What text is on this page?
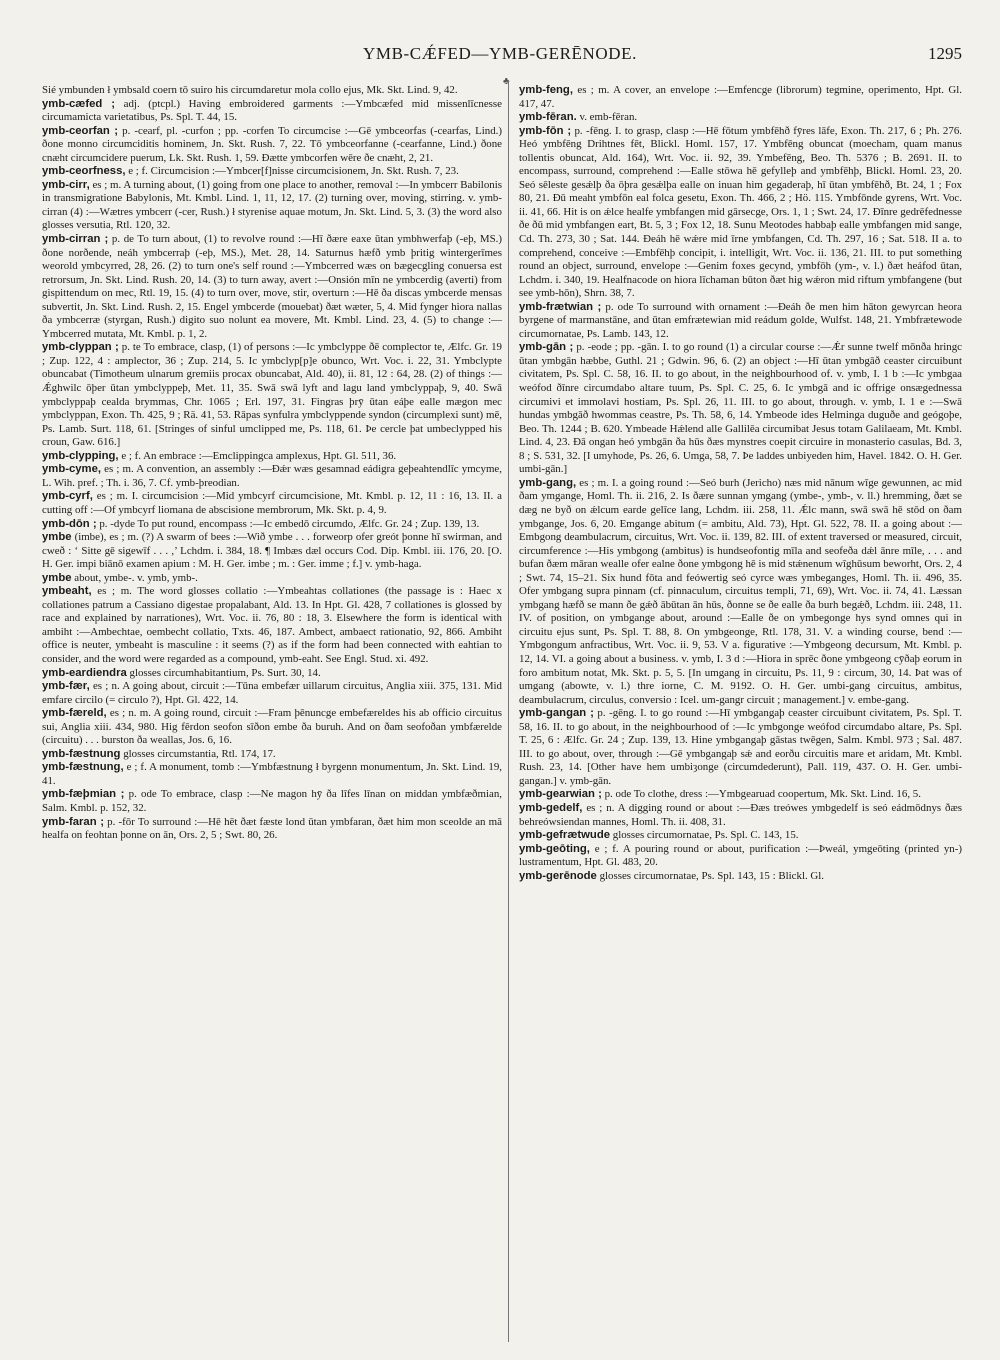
YMB-CǼFED—YMB-GERĒNODE.	1295
♣

Sié ymbunden ł ymbsald coern tō suiro his circumdaretur mola collo ejus, Mk. Skt. Lind. 9, 42.

ymb-cæfed ; adj. (ptcpl.) Having embroidered garments :—Ymbcæfed mid missenlīcnesse circumamicta varietatibus, Ps. Spl. T. 44, 15.

ymb-ceorfan ; p. -cearf, pl. -curfon ; pp. -corfen To circumcise :—Gē ymbceorfas (-cearfas, Lind.) ðone monno circumciditis hominem, Jn. Skt. Rush. 7, 22. Tō ymbceorfanne (-cearfanne, Lind.) ðone cnæht circumcidere puerum, Lk. Skt. Rush. 1, 59. Ðætte ymbcorfen wēre ðe cnæht, 2, 21.

ymb-ceorfness, e ; f. Circumcision :—Ymbcer[f]nisse circumcisionem, Jn. Skt. Rush. 7, 23.

ymb-cirr, es ; m. A turning about, (1) going from one place to another, removal :—In ymbcerr Babilonis in transmigratione Babylonis, Mt. Kmbl. Lind. 1, 11, 12, 17. (2) turning over, moving, stirring. v. ymb-cirran (4) :—Wætres ymbcerr (-cer, Rush.) ł styrenise aquae motum, Jn. Skt. Lind. 5, 3. (3) the word also glosses versutia, Rtl. 120, 32.

ymb-cirran ; p. de To turn about, (1) to revolve round :—Hī ðære eaxe ūtan ymbhwerfaþ (-eþ, MS.) ðone norðende, neáh ymbcerraþ (-eþ, MS.), Met. 28, 14. Saturnus hæfð ymb þritig wintergerīmes weorold ymbcyrred, 28, 26. (2) to turn one's self round :—Ymbcerred wæs on bægecgling conuersa est retrorsum, Jn. Skt. Lind. Rush. 20, 14. (3) to turn away, avert :—Onsión mīn ne ymbcerdig (averti) from gispittendum on mec, Rtl. 19, 15. (4) to turn over, move, stir, overturn :—Hē ða discas ymbcerde mensas subvertit, Jn. Skt. Lind. Rush. 2, 15. Engel ymbcerde (mouebat) ðæt wæter, 5, 4. Mid fynger hiora nallas ða ymbcerræ (styrgan, Rush.) digito suo nolunt ea movere, Mt. Kmbl. Lind. 23, 4. (5) to change :—Ymbcerred mutata, Mt. Kmbl. p. 1, 2.

ymb-clyppan ; p. te To embrace, clasp, (1) of persons :—Ic ymbclyppe ðē complector te, Ælfc. Gr. 19 ; Zup. 122, 4 : amplector, 36 ; Zup. 214, 5. Ic ymbclyp[p]e obunco, Wrt. Voc. i. 22, 31. Ymbclypte obuncabat (Timotheum ulnarum gremiis procax obuncabat, Ald. 40), ii. 81, 12 : 64, 28. (2) of things :—Ǽghwilc ōþer ūtan ymbclyppeþ, Met. 11, 35. Swā swā lyft and lagu land ymbclyppaþ, 9, 40. Swā ymbclyppaþ cealda brymmas, Chr. 1065 ; Erl. 197, 31. Fingras þrȳ ūtan eáþe ealle mægon mec ymbclyppan, Exon. Th. 425, 9 ; Rä. 41, 53. Rāpas synfulra ymbclyppende syndon (circumplexi sunt) mē, Ps. Lamb. Surt. 118, 61. [Stringes of sinful umclipped me, Ps. 118, 61. Þe cercle þat umbeclypped his croun, Gaw. 616.]

ymb-clypping, e ; f. An embrace :—Emclippingca amplexus, Hpt. Gl. 511, 36.

ymb-cyme, es ; m. A convention, an assembly :—Ðǽr wæs gesamnad eádigra geþeahtendlīc ymcyme, L. Wih. pref. ; Th. i. 36, 7. Cf. ymb-þreodian.

ymb-cyrf, es ; m. I. circumcision :—Mid ymbcyrf circumcisione, Mt. Kmbl. p. 12, 11 : 16, 13. II. a cutting off :—Of ymbcyrf liomana de abscisione membrorum, Mk. Skt. p. 4, 9.

ymb-dōn ; p. -dyde To put round, encompass :—Ic embedō circumdo, Ælfc. Gr. 24 ; Zup. 139, 13.

ymbe (imbe), es ; m. (?) A swarm of bees :—Wið ymbe . . . forweorp ofer greót þonne hī swirman, and cweð : ‘ Sitte gē sigewīf . . . ,’ Lchdm. i. 384, 18. ¶ Imbæs dæl occurs Cod. Dip. Kmbl. iii. 176, 20. [O. H. Ger. impi biānō examen apium : M. H. Ger. imbe ; m. : Ger. imme ; f.] v. ymb-haga.

ymbe about, ymbe-. v. ymb, ymb-.

ymbeaht, es ; m. The word glosses collatio :—Ymbeahtas collationes (the passage is : Haec x collationes patrum a Cassiano digestae propalabant, Ald. 13. In Hpt. Gl. 428, 7 collationes is glossed by race and explained by narrationes), Wrt. Voc. ii. 76, 80 : 18, 3. Elsewhere the form is identical with ambiht :—Ambechtae, oembecht collatio, Txts. 46, 187. Ambect, ambaect rationatio, 92, 866. Ambiht office is neuter, ymbeaht is masculine : it seems (?) as if the form had been connected with eahtian to consider, and the word were regarded as a compound, ymb-eaht. See Engl. Stud. xi. 492.

ymb-eardiendra glosses circumhabitantium, Ps. Surt. 30, 14.

ymb-fær, es ; n. A going about, circuit :—Tūna embefær uillarum circuitus, Anglia xiii. 375, 131. Mid emfare circilo (= circulo ?), Hpt. Gl. 422, 14.

ymb-færeld, es ; n. m. A going round, circuit :—Fram þēnuncge embefæreldes his ab officio circuitus sui, Anglia xiii. 434, 980. Hig fērdon seofon sīðon embe ða buruh. And on ðam seofoðan ymbfærelde (circuitu) . . . burston ða weallas, Jos. 6, 16.

ymb-fæstnung glosses circumstantia, Rtl. 174, 17.

ymb-fæstnung, e ; f. A monument, tomb :—Ymbfæstnung ł byrgenn monumentum, Jn. Skt. Lind. 19, 41.

ymb-fæþmian ; p. ode To embrace, clasp :—Ne magon hȳ ða līfes līnan on middan ymbfæðmian, Salm. Kmbl. p. 152, 32.

ymb-faran ; p. -fōr To surround :—Hē hēt ðæt fæste lond ūtan ymbfaran, ðæt him mon sceolde an mā healfa on feohtan þonne on ān, Ors. 2, 5 ; Swt. 80, 26.

ymb-feng, es ; m. A cover, an envelope :—Emfencge (librorum) tegmine, operimento, Hpt. Gl. 417, 47.

ymb-fēran. v. emb-fēran.

ymb-fōn ; p. -fēng. I. to grasp, clasp :—Hē fōtum ymbfēhð fȳres lāfe, Exon. Th. 217, 6 ; Ph. 276. Heó ymbfēng Drihtnes fēt, Blickl. Homl. 157, 17. Ymbfēng obuncat (moecham, quam manus tollentis obuncat, Ald. 164), Wrt. Voc. ii. 92, 39. Ymbefēng, Beo. Th. 5376 ; B. 2691. II. to encompass, surround, comprehend :—Ealle stōwa hē gefylleþ and ymbfēhþ, Blickl. Homl. 23, 20. Seó sēleste gesǽlþ ða ōþra gesǽlþa ealle on inuan him gegaderaþ, hī ūtan ymbfēhð, Bt. 24, 1 ; Fox 80, 21. Ðū meaht ymbfōn eal folca gesetu, Exon. Th. 466, 2 ; Hö. 115. Ymbfōnde gyrens, Wrt. Voc. ii. 41, 66. Hit is on ǽlce healfe ymbfangen mid gārsecge, Ors. 1, 1 ; Swt. 24, 17. Ðīnre gedrēfednesse ðe ðū mid ymbfangen eart, Bt. 5, 3 ; Fox 12, 18. Sunu Meotodes habbaþ ealle ymbfangen mid sange, Cd. Th. 273, 30 ; Sat. 144. Ðeáh hē wǽre mid īrne ymbfangen, Cd. Th. 297, 16 ; Sat. 518. II a. to comprehend, conceive :—Embfēhþ concipit, i. intelligit, Wrt. Voc. ii. 136, 21. III. to put something round an object, surround, envelope :—Genim foxes gecynd, ymbfōh (ym-, v. l.) ðæt heáfod ūtan, Lchdm. i. 340, 19. Healfnacode on hiora līchaman būton ðæt hig wǽron mid riftum ymbfangene (but see ymb-hōn), Shrn. 38, 7.

ymb-frætwian ; p. ode To surround with ornament :—Ðeáh ðe men him hāton gewyrcan heora byrgene of marmanstāne, and ūtan emfrætewian mid reádum golde, Wulfst. 148, 21. Ymbfrætewode circumornatae, Ps. Lamb. 143, 12.

ymb-gān ; p. -eode ; pp. -gān. I. to go round (1) a circular course :—Ǽr sunne twelf mōnða hringc ūtan ymbgān hæbbe, Guthl. 21 ; Gdwin. 96, 6. (2) an object :—Hī ūtan ymbgāð ceaster circuibunt civitatem, Ps. Spl. C. 58, 16. II. to go about, in the neighbourhood of. v. ymb, I. 1 b :—Ic ymbgaa weófod ðīnre circumdabo altare tuum, Ps. Spl. C. 25, 6. Ic ymbgā and ic offrige onsægednessa circumivi et immolavi hostiam, Ps. Spl. 26, 11. III. to go about, through. v. ymb, I. 1 e :—Swā hundas ymbgāð hwommas ceastre, Ps. Th. 58, 6, 14. Ymbeode ides Helminga duguðe and geógoþe, Beo. Th. 1244 ; B. 620. Ymbeade Hǽlend alle Gallilēa circumibat Jesus totam Galilaeam, Mt. Kmbl. Lind. 4, 23. Ðā ongan heó ymbgān ða hūs ðæs mynstres coepit circuire in monasterio casulas, Bd. 3, 8 ; S. 531, 32. [I umyhode, Ps. 26, 6. Umga, 58, 7. Þe laddes unbiyeden him, Havel. 1842. O. H. Ger. umbi-gān.]

ymb-gang, es ; m. I. a going round :—Seó burh (Jericho) næs mid nānum wīge gewunnen, ac mid ðam ymgange, Homl. Th. ii. 216, 2. Is ðære sunnan ymgang (ymbe-, ymb-, v. ll.) hremming, ðæt se dæg ne byð on ǽlcum earde gelīce lang, Lchdm. iii. 258, 11. Ǽlc mann, swā swā hē stōd on ðam ymbgange, Jos. 6, 20. Emgange abitum (= ambitu, Ald. 73), Hpt. Gl. 522, 78. II. a going about :—Embgong deambulacrum, circuitus, Wrt. Voc. ii. 139, 82. III. of extent traversed or measured, circuit, circumference :—His ymbgong (ambitus) is hundseofontig mīla and seofeða dǽl ānre mīle, . . . and bufan ðæm māran wealle ofer ealne ðone ymbgong hē is mid stǽnenum wīghūsum beworht, Ors. 2, 4 ; Swt. 74, 15–21. Six hund fōta and feówertig seó cyrce wæs ymbeganges, Homl. Th. ii. 496, 35. Ofer ymbgang supra pinnam (cf. pinnaculum, circuitus templi, 71, 69), Wrt. Voc. ii. 74, 41. Læssan ymbgang hæfð se mann ðe gǽð ābūtan ān hūs, ðonne se ðe ealle ða burh begǽð, Lchdm. iii. 248, 11. IV. of position, on ymbgange about, around :—Ealle ðe on ymbegonge hys synd omnes qui in circuitu ejus sunt, Ps. Spl. T. 88, 8. On ymbgeonge, Rtl. 178, 31. V. a winding course, bend :—Ymbgongum anfractibus, Wrt. Voc. ii. 9, 53. V a. figurative :—Ymbgeong decursum, Mt. Kmbl. p. 12, 14. VI. a going about a business. v. ymb, I. 3 d :—Hiora in sprēc ðone ymbgeong cȳðaþ eorum in foro ambitum notat, Mk. Skt. p. 5, 5. [In umgang in circuitu, Ps. 11, 9 : circum, 30, 14. Þat was of umgang (abowte, v. l.) thre iorne, C. M. 9192. O. H. Ger. umbi-gang circuitus, ambitus, deambulacrum, circulus, conversio : Icel. um-gangr circuit ; management.] v. embe-gang.

ymb-gangan ; p. -gēng. I. to go round :—Hī ymbgangaþ ceaster circuibunt civitatem, Ps. Spl. T. 58, 16. II. to go about, in the neighbourhood of :—Ic ymbgonge weófod circumdabo altare, Ps. Spl. T. 25, 6 : Ælfc. Gr. 24 ; Zup. 139, 13. Hine ymbgangaþ gāstas twēgen, Salm. Kmbl. 973 ; Sal. 487. III. to go about, over, through :—Gē ymbgangaþ sǽ and eorðu circuitis mare et aridam, Mt. Kmbl. Rush. 23, 14. [Other have hem umbiȝonge (circumdederunt), Pall. 119, 437. O. H. Ger. umbi-gangan.] v. ymb-gān.

ymb-gearwian ; p. ode To clothe, dress :—Ymbgearuad coopertum, Mk. Skt. Lind. 16, 5.

ymb-gedelf, es ; n. A digging round or about :—Ðæs treówes ymbgedelf is seó eádmōdnys ðæs behreówsiendan mannes, Homl. Th. ii. 408, 31.

ymb-gefrætwude glosses circumornatae, Ps. Spl. C. 143, 15.

ymb-geōting, e ; f. A pouring round or about, purification :—Þweál, ymgeōting (printed yn-) lustramentum, Hpt. Gl. 483, 20.

ymb-gerēnode glosses circumornatae, Ps. Spl. 143, 15 : Blickl. Gl.
